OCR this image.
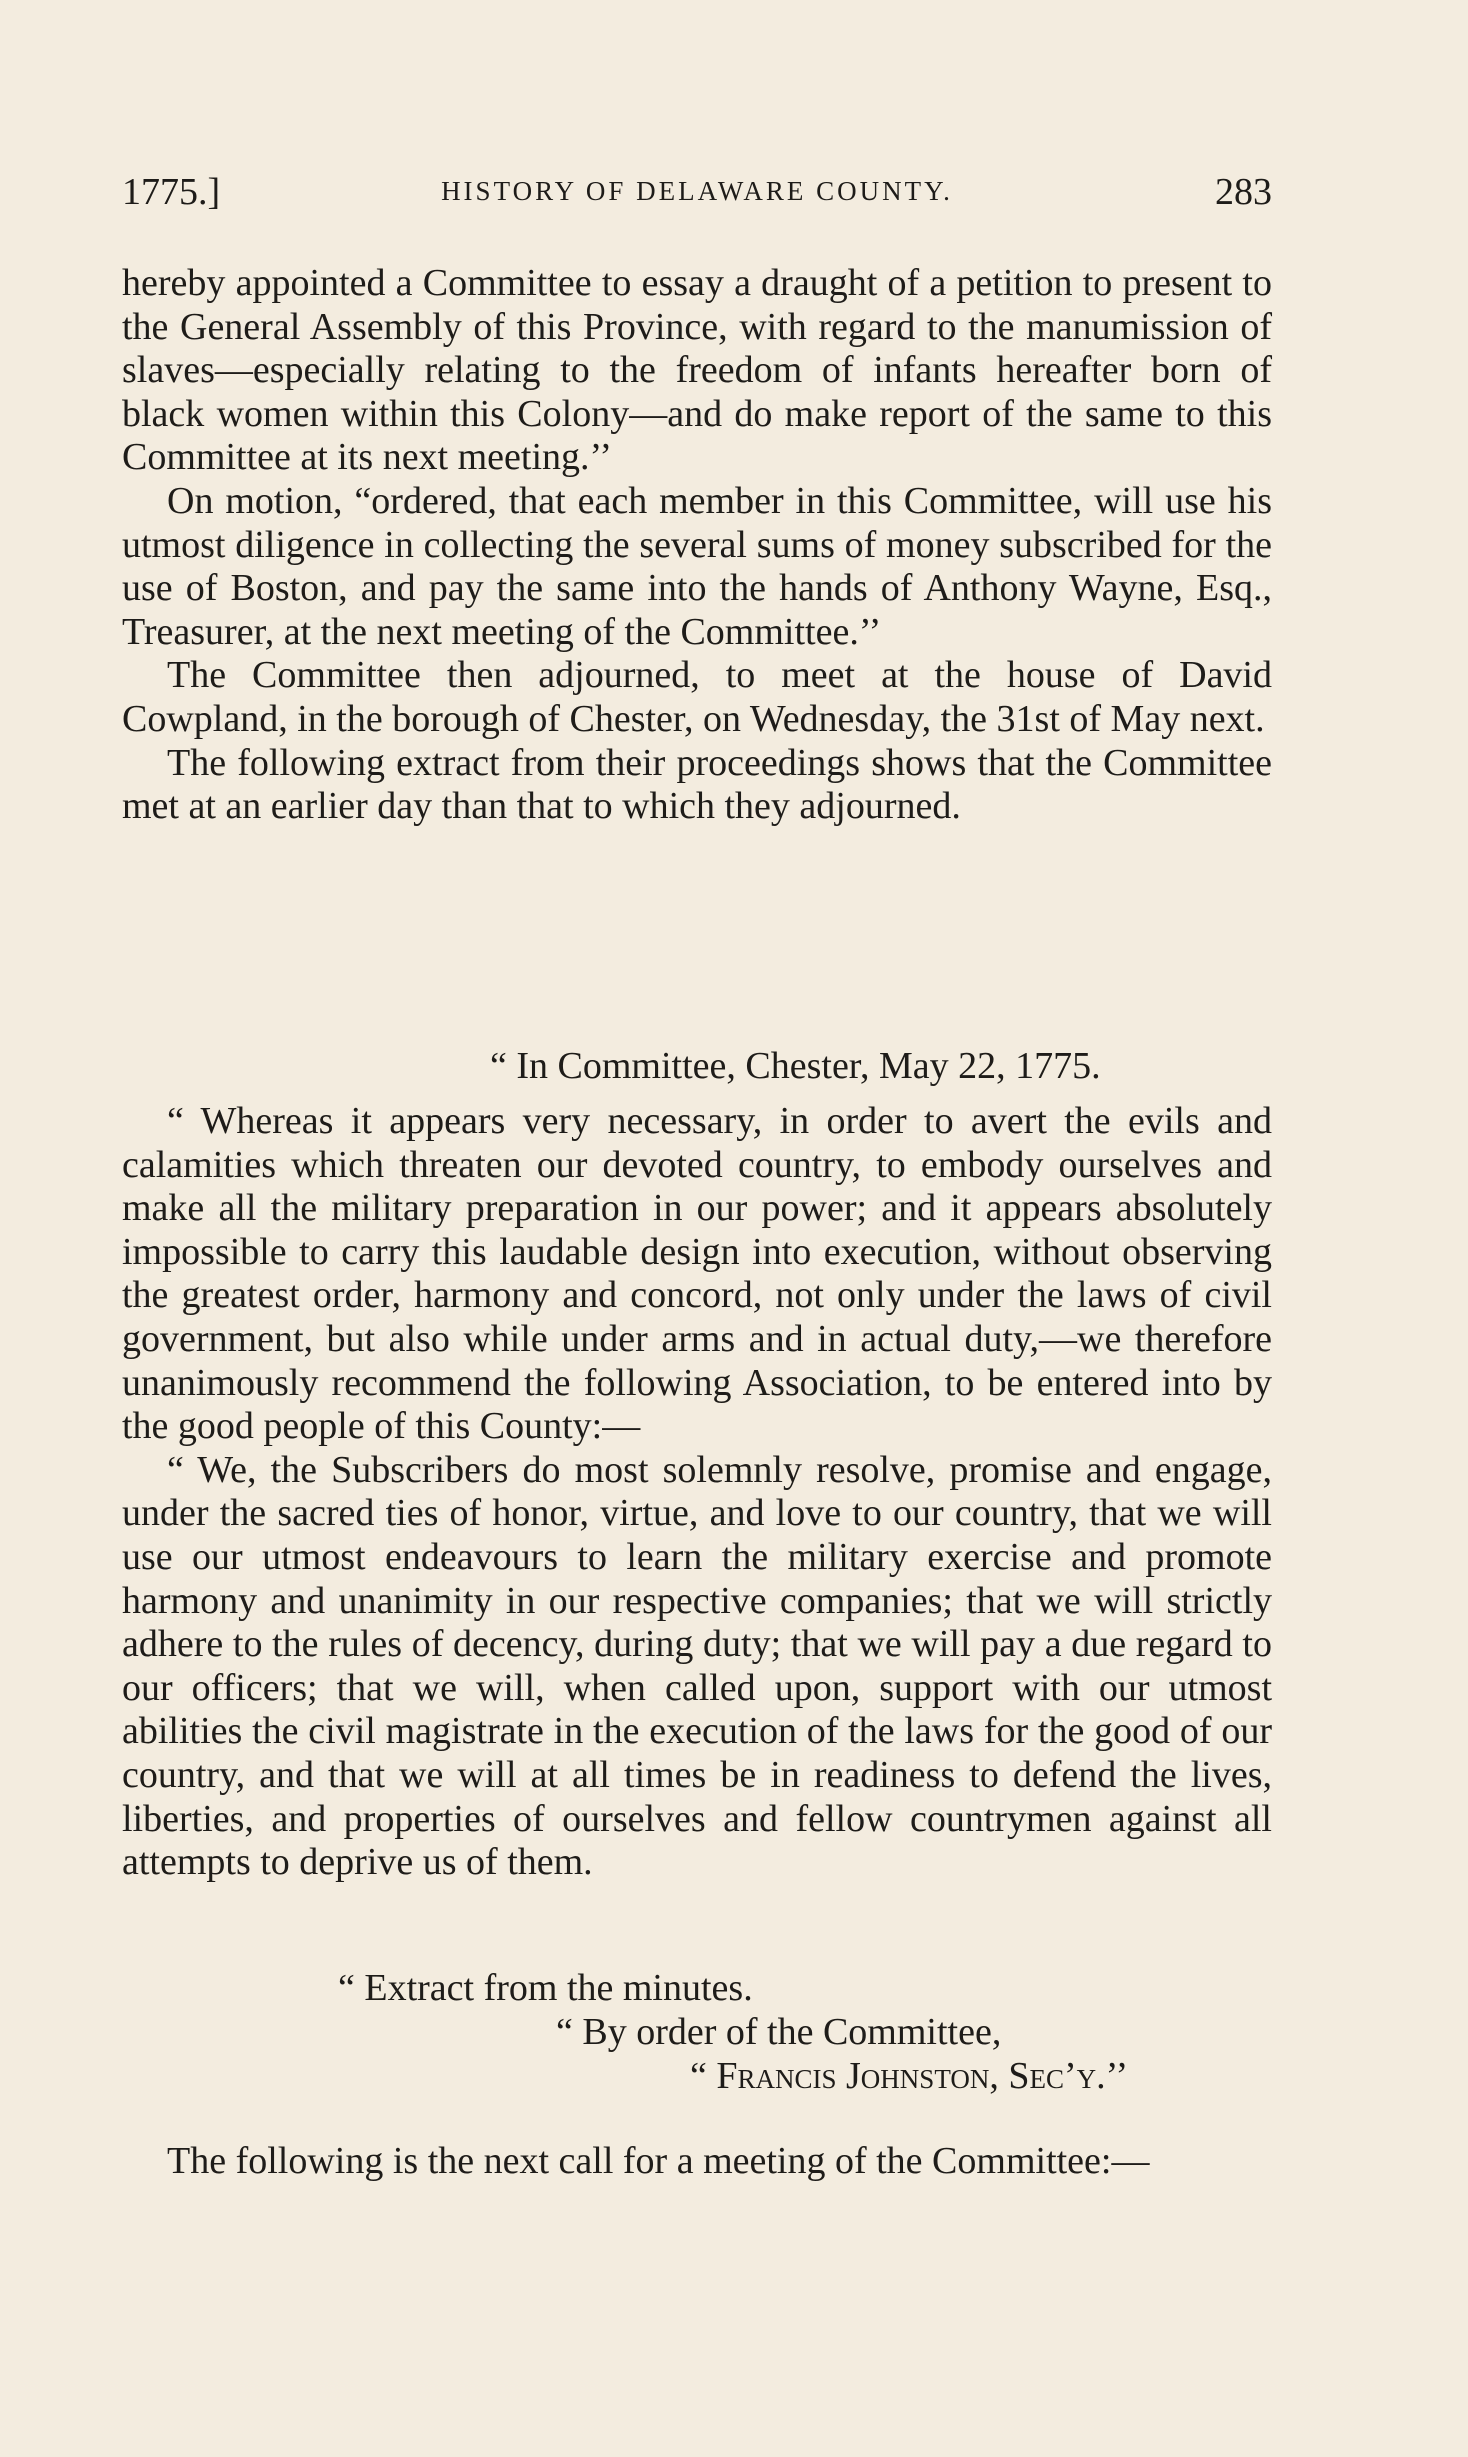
1775.]	HISTORY OF DELAWARE COUNTY.	283

hereby appointed a Committee to essay a draught of a petition to present to the General Assembly of this Province, with regard to the manumission of slaves—especially relating to the freedom of infants hereafter born of black women within this Colony—and do make report of the same to this Committee at its next meeting.’’

On motion, “ordered, that each member in this Committee, will use his utmost diligence in collecting the several sums of money subscribed for the use of Boston, and pay the same into the hands of Anthony Wayne, Esq., Treasurer, at the next meeting of the Committee.’’

The Committee then adjourned, to meet at the house of David Cowpland, in the borough of Chester, on Wednesday, the 31st of May next.

The following extract from their proceedings shows that the Committee met at an earlier day than that to which they adjourned.

“ In Committee, Chester, May 22, 1775.

“ Whereas it appears very necessary, in order to avert the evils and calamities which threaten our devoted country, to embody ourselves and make all the military preparation in our power; and it appears absolutely impossible to carry this laudable design into execution, without observing the greatest order, harmony and concord, not only under the laws of civil government, but also while under arms and in actual duty,—we therefore unanimously recommend the following Association, to be entered into by the good people of this County:—

“ We, the Subscribers do most solemnly resolve, promise and engage, under the sacred ties of honor, virtue, and love to our country, that we will use our utmost endeavours to learn the military exercise and promote harmony and unanimity in our respective companies; that we will strictly adhere to the rules of decency, during duty; that we will pay a due regard to our officers; that we will, when called upon, support with our utmost abilities the civil magistrate in the execution of the laws for the good of our country, and that we will at all times be in readiness to defend the lives, liberties, and properties of ourselves and fellow countrymen against all attempts to deprive us of them.

“ Extract from the minutes.
“ By order of the Committee,
“ Francis Johnston, Sec’y.’’

The following is the next call for a meeting of the Committee:—
